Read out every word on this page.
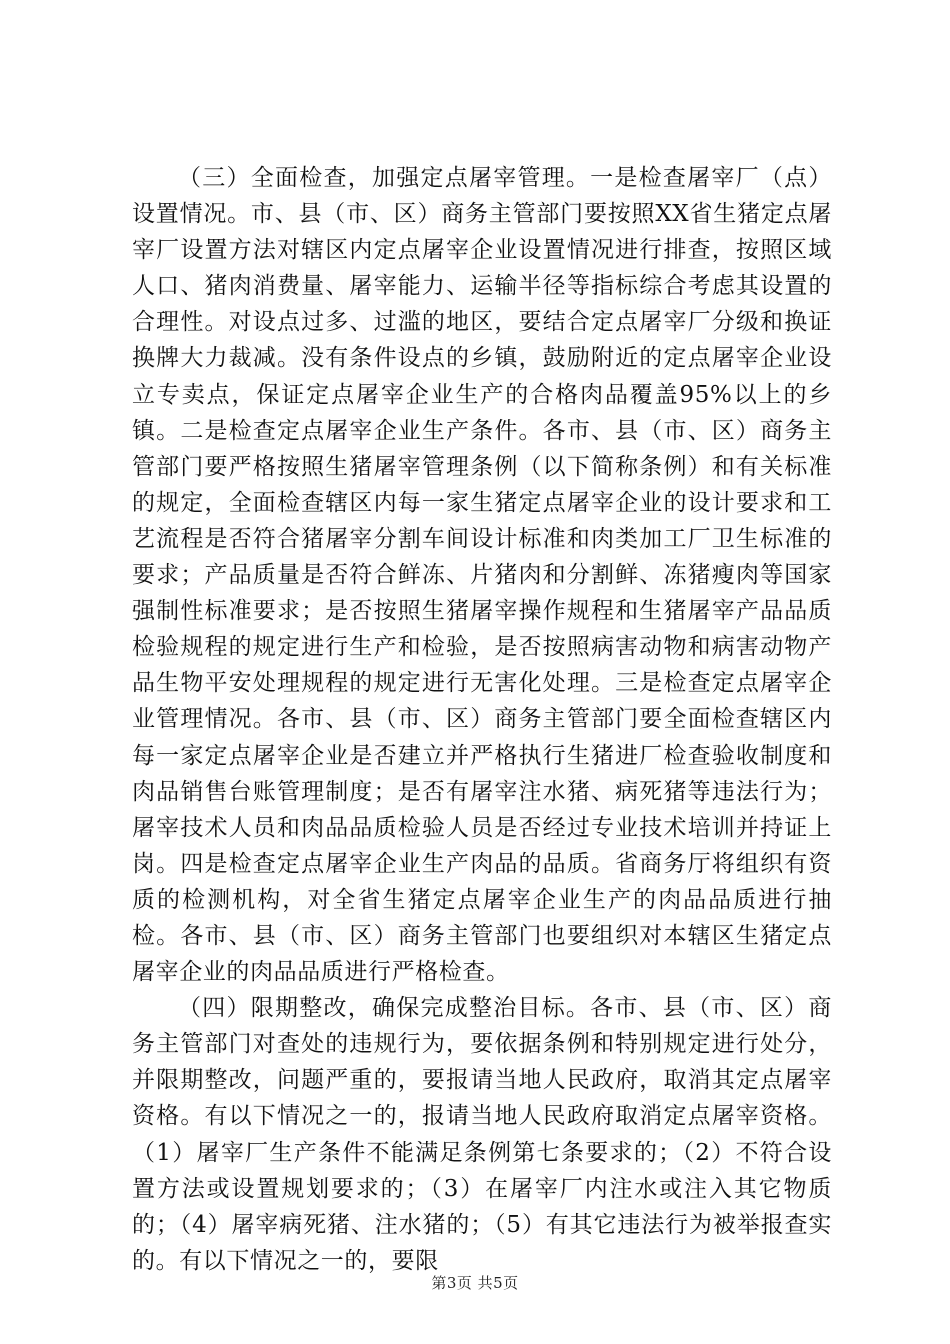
（三）全面检查，加强定点屠宰管理。一是检查屠宰厂（点）设置情况。市、县（市、区）商务主管部门要按照XX省生猪定点屠宰厂设置方法对辖区内定点屠宰企业设置情况进行排查，按照区域人口、猪肉消费量、屠宰能力、运输半径等指标综合考虑其设置的合理性。对设点过多、过滥的地区，要结合定点屠宰厂分级和换证换牌大力裁减。没有条件设点的乡镇，鼓励附近的定点屠宰企业设立专卖点，保证定点屠宰企业生产的合格肉品覆盖95%以上的乡镇。二是检查定点屠宰企业生产条件。各市、县（市、区）商务主管部门要严格按照生猪屠宰管理条例（以下简称条例）和有关标准的规定，全面检查辖区内每一家生猪定点屠宰企业的设计要求和工艺流程是否符合猪屠宰分割车间设计标准和肉类加工厂卫生标准的要求；产品质量是否符合鲜冻、片猪肉和分割鲜、冻猪瘦肉等国家强制性标准要求；是否按照生猪屠宰操作规程和生猪屠宰产品品质检验规程的规定进行生产和检验，是否按照病害动物和病害动物产品生物平安处理规程的规定进行无害化处理。三是检查定点屠宰企业管理情况。各市、县（市、区）商务主管部门要全面检查辖区内每一家定点屠宰企业是否建立并严格执行生猪进厂检查验收制度和肉品销售台账管理制度；是否有屠宰注水猪、病死猪等违法行为；屠宰技术人员和肉品品质检验人员是否经过专业技术培训并持证上岗。四是检查定点屠宰企业生产肉品的品质。省商务厅将组织有资质的检测机构，对全省生猪定点屠宰企业生产的肉品品质进行抽检。各市、县（市、区）商务主管部门也要组织对本辖区生猪定点屠宰企业的肉品品质进行严格检查。

（四）限期整改，确保完成整治目标。各市、县（市、区）商务主管部门对查处的违规行为，要依据条例和特别规定进行处分，并限期整改，问题严重的，要报请当地人民政府，取消其定点屠宰资格。有以下情况之一的，报请当地人民政府取消定点屠宰资格。（1）屠宰厂生产条件不能满足条例第七条要求的；（2）不符合设置方法或设置规划要求的；（3）在屠宰厂内注水或注入其它物质的；（4）屠宰病死猪、注水猪的；（5）有其它违法行为被举报查实的。有以下情况之一的，要限

第3页 共5页
